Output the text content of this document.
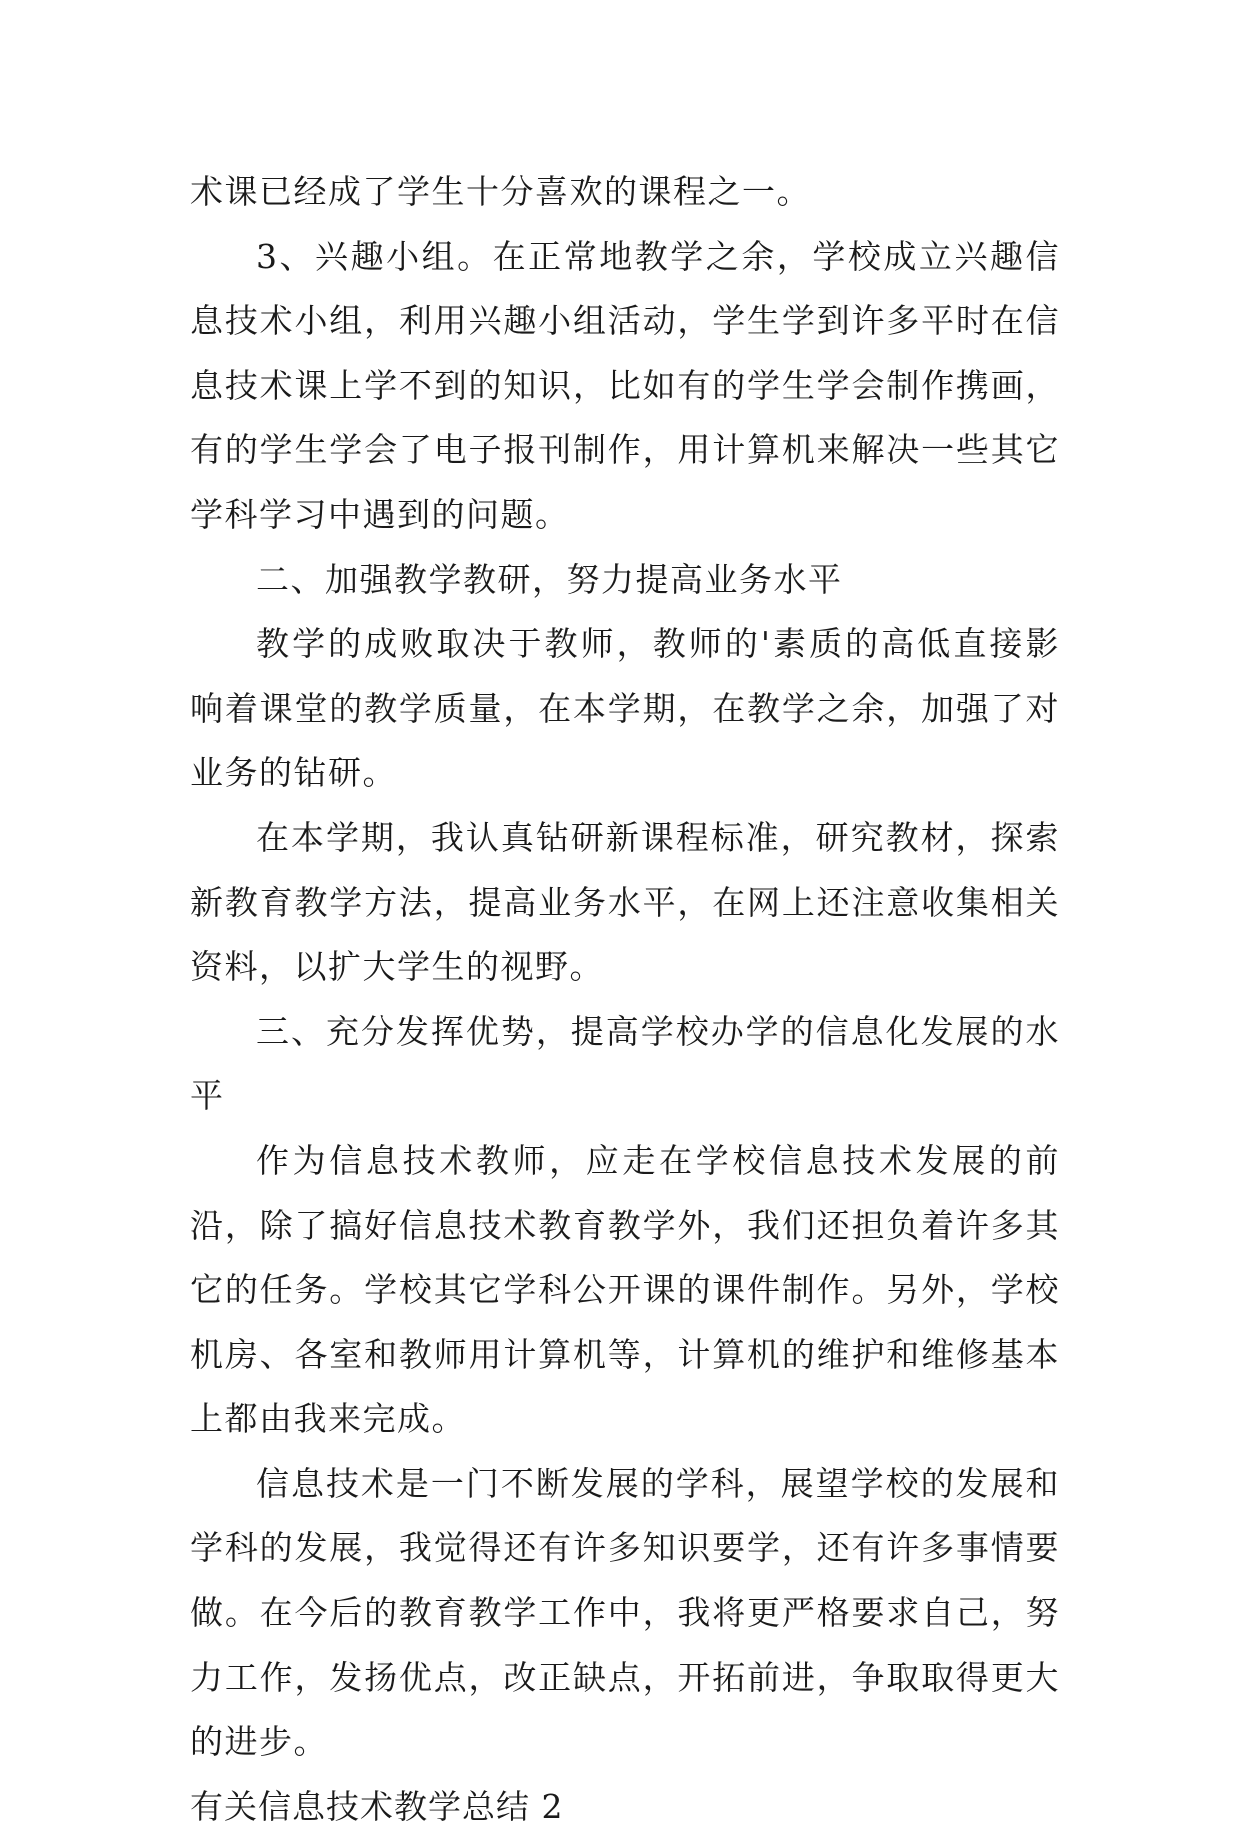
术课已经成了学生十分喜欢的课程之一。

3、兴趣小组。在正常地教学之余，学校成立兴趣信息技术小组，利用兴趣小组活动，学生学到许多平时在信息技术课上学不到的知识，比如有的学生学会制作携画，有的学生学会了电子报刊制作，用计算机来解决一些其它学科学习中遇到的问题。

二、加强教学教研，努力提高业务水平

教学的成败取决于教师，教师的'素质的高低直接影响着课堂的教学质量，在本学期，在教学之余，加强了对业务的钻研。

在本学期，我认真钻研新课程标准，研究教材，探索新教育教学方法，提高业务水平，在网上还注意收集相关资料，以扩大学生的视野。

三、充分发挥优势，提高学校办学的信息化发展的水平

作为信息技术教师，应走在学校信息技术发展的前沿，除了搞好信息技术教育教学外，我们还担负着许多其它的任务。学校其它学科公开课的课件制作。另外，学校机房、各室和教师用计算机等，计算机的维护和维修基本上都由我来完成。

信息技术是一门不断发展的学科，展望学校的发展和学科的发展，我觉得还有许多知识要学，还有许多事情要做。在今后的教育教学工作中，我将更严格要求自己，努力工作，发扬优点，改正缺点，开拓前进，争取取得更大的进步。

有关信息技术教学总结 2
